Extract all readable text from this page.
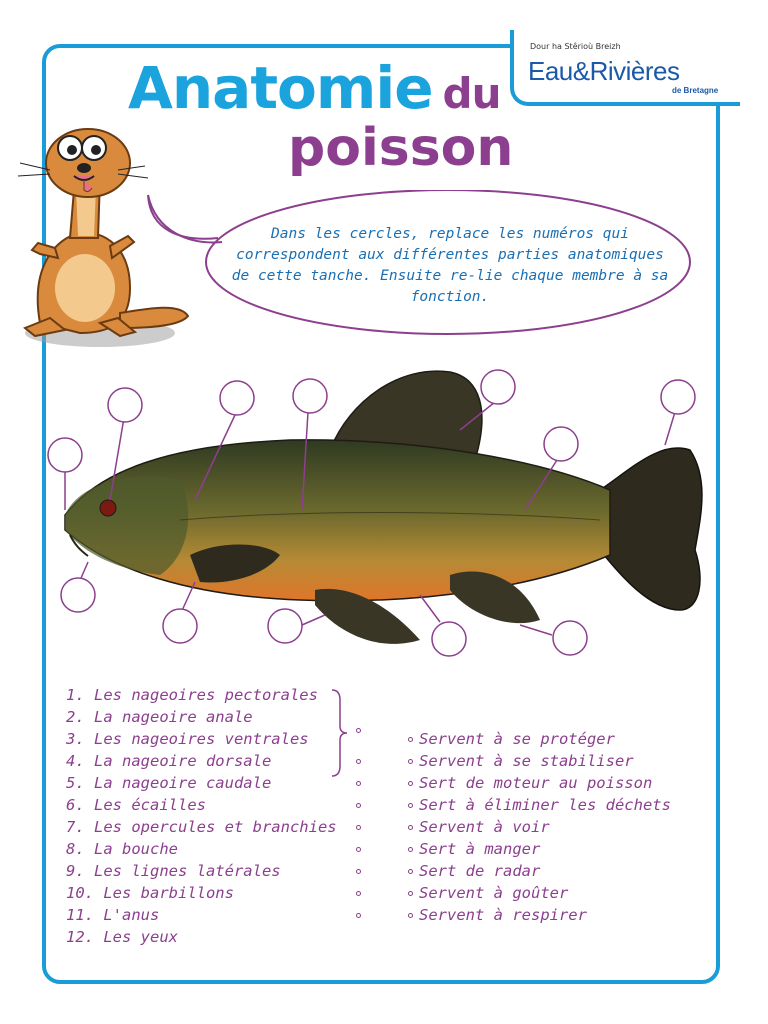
Dour ha Stêrioù Breizh
Eau&Rivières
de Bretagne
Anatomie du
poisson
Dans les cercles, replace les numéros qui correspondent aux différentes parties anatomiques de cette tanche. Ensuite re-lie chaque membre à sa fonction.
1. Les nageoires pectorales
2. La nageoire anale
3. Les nageoires ventrales
4. La nageoire dorsale
5. La nageoire caudale
6. Les écailles
7. Les opercules et branchies
8. La bouche
9. Les lignes latérales
10. Les barbillons
11. L'anus
12. Les yeux
Servent à se protéger
Servent à se stabiliser
Sert de moteur au poisson
Sert à éliminer les déchets
Servent à voir
Sert à manger
Sert de radar
Servent à goûter
Servent à respirer
